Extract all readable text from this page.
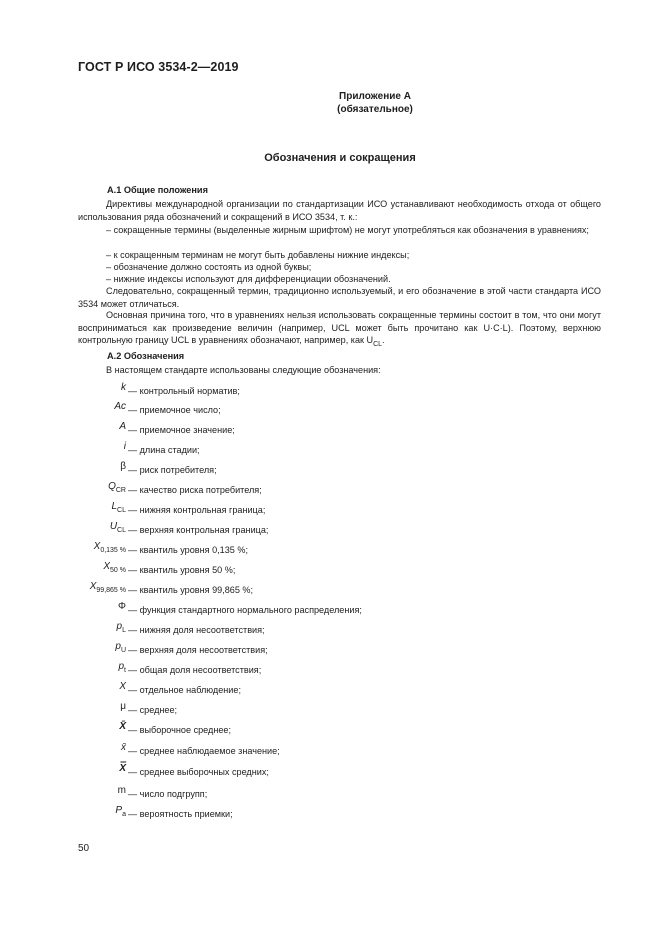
ГОСТ Р ИСО 3534-2—2019
Приложение А
(обязательное)
Обозначения и сокращения
А.1 Общие положения
Директивы международной организации по стандартизации ИСО устанавливают необходимость отхода от общего использования ряда обозначений и сокращений в ИСО 3534, т. к.:
– сокращенные термины (выделенные жирным шрифтом) не могут употребляться как обозначения в уравнениях;
– к сокращенным терминам не могут быть добавлены нижние индексы;
– обозначение должно состоять из одной буквы;
– нижние индексы используют для дифференциации обозначений.
Следовательно, сокращенный термин, традиционно используемый, и его обозначение в этой части стандарта ИСО 3534 может отличаться.
Основная причина того, что в уравнениях нельзя использовать сокращенные термины состоит в том, что они могут восприниматься как произведение величин (например, UCL может быть прочитано как U·C·L). Поэтому, верхнюю контрольную границу UCL в уравнениях обозначают, например, как $U_{CL}$.
А.2 Обозначения
В настоящем стандарте использованы следующие обозначения:
k — контрольный норматив;
Ac — приемочное число;
A — приемочное значение;
i — длина стадии;
β — риск потребителя;
$Q_{CR}$ — качество риска потребителя;
$L_{CL}$ — нижняя контрольная граница;
$U_{CL}$ — верхняя контрольная граница;
$X_{0,135 \%}$ — квантиль уровня 0,135 %;
$X_{50 \%}$ — квантиль уровня 50 %;
$X_{99,865 \%}$ — квантиль уровня 99,865 %;
Φ — функция стандартного нормального распределения;
$p_L$ — нижняя доля несоответствия;
$p_U$ — верхняя доля несоответствия;
$p_t$ — общая доля несоответствия;
X — отдельное наблюдение;
μ — среднее;
X̄ — выборочное среднее;
x̄ — среднее наблюдаемое значение;
X̿ — среднее выборочных средних;
m — число подгрупп;
$P_a$ — вероятность приемки;
50
